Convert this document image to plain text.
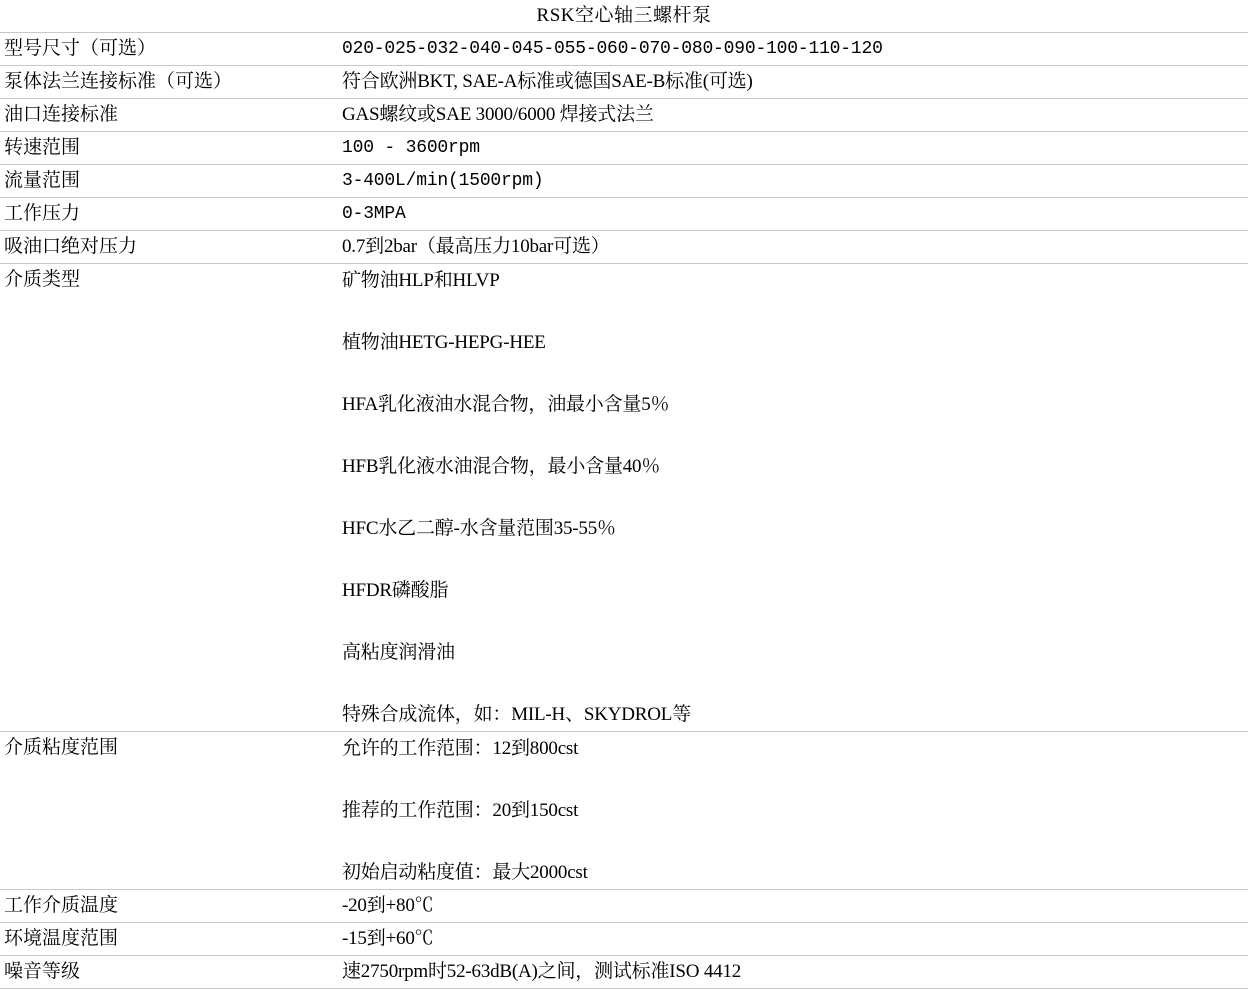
RSK空心轴三螺杆泵
型号尺寸（可选）	020-025-032-040-045-055-060-070-080-090-100-110-120
泵体法兰连接标准（可选）	符合欧洲BKT, SAE-A标准或德国SAE-B标准(可选)
油口连接标准	GAS螺纹或SAE 3000/6000 焊接式法兰
转速范围	100 - 3600rpm
流量范围	3-400L/min(1500rpm)
工作压力	0-3MPA
吸油口绝对压力	0.7到2bar（最高压力10bar可选）
介质类型	矿物油HLP和HLVP

植物油HETG-HEPG-HEE

HFA乳化液油水混合物，油最小含量5％

HFB乳化液水油混合物，最小含量40％

HFC水乙二醇-水含量范围35-55％

HFDR磷酸脂

高粘度润滑油

特殊合成流体，如：MIL-H、SKYDROL等

介质粘度范围	允许的工作范围：12到800cst

推荐的工作范围：20到150cst

初始启动粘度值：最大2000cst

工作介质温度	-20到+80℃
环境温度范围	-15到+60℃
噪音等级	速2750rpm时52-63dB(A)之间，测试标准ISO 4412
